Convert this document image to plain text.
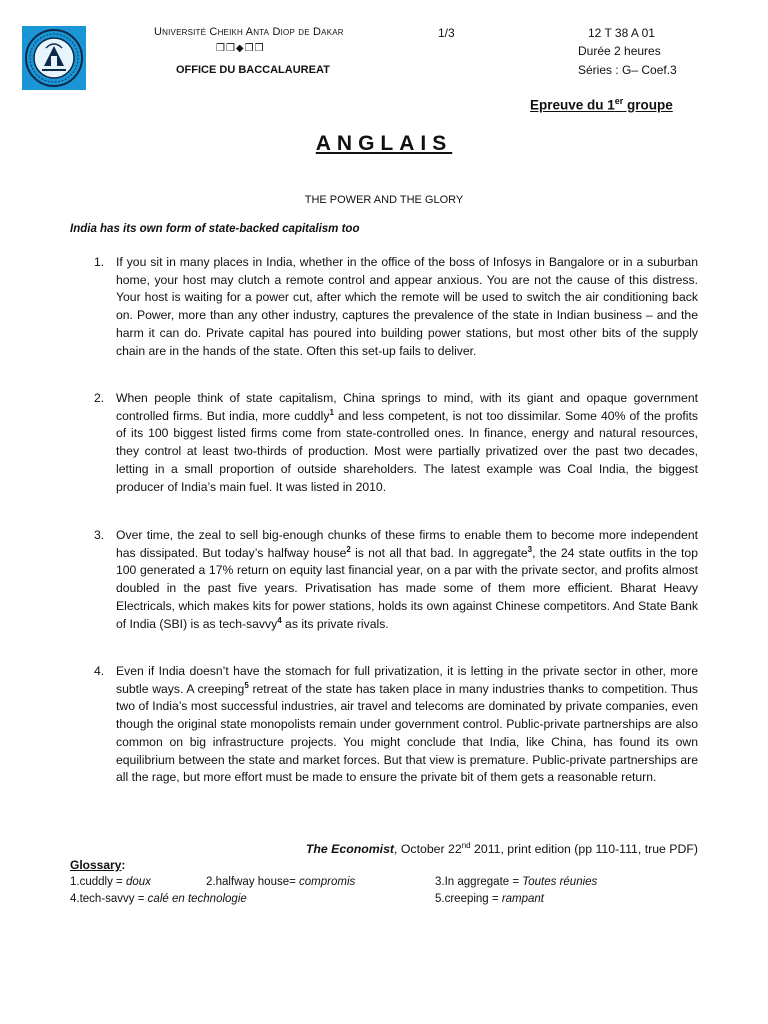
Université Cheikh Anta Diop de Dakar
❒❒◆❒❒
OFFICE DU BACCALAUREAT
1/3	12 T 38 A 01
Durée 2 heures
Séries : G– Coef.3
Epreuve du 1er groupe
ANGLAIS
THE POWER AND THE GLORY
India has its own form of state-backed capitalism too
1. If you sit in many places in India, whether in the office of the boss of Infosys in Bangalore or in a suburban home, your host may clutch a remote control and appear anxious. You are not the cause of this distress. Your host is waiting for a power cut, after which the remote will be used to switch the air conditioning back on. Power, more than any other industry, captures the prevalence of the state in Indian business – and the harm it can do. Private capital has poured into building power stations, but most other bits of the supply chain are in the hands of the state. Often this set-up fails to deliver.
2. When people think of state capitalism, China springs to mind, with its giant and opaque government controlled firms. But india, more cuddly$^1$ and less competent, is not too dissimilar. Some 40% of the profits of its 100 biggest listed firms come from state-controlled ones. In finance, energy and natural resources, they control at least two-thirds of production. Most were partially privatized over the past two decades, letting in a small proportion of outside shareholders. The latest example was Coal India, the biggest producer of India’s main fuel. It was listed in 2010.
3. Over time, the zeal to sell big-enough chunks of these firms to enable them to become more independent has dissipated. But today’s halfway house$^2$ is not all that bad. In aggregate$^3$, the 24 state outfits in the top 100 generated a 17% return on equity last financial year, on a par with the private sector, and profits almost doubled in the past five years. Privatisation has made some of them more efficient. Bharat Heavy Electricals, which makes kits for power stations, holds its own against Chinese competitors. And State Bank of India (SBI) is as tech-savvy$^4$ as its private rivals.
4. Even if India doesn’t have the stomach for full privatization, it is letting in the private sector in other, more subtle ways. A creeping$^5$ retreat of the state has taken place in many industries thanks to competition. Thus two of India’s most successful industries, air travel and telecoms are dominated by private companies, even though the original state monopolists remain under government control. Public-private partnerships are also common on big infrastructure projects. You might conclude that India, like China, has found its own equilibrium between the state and market forces. But that view is premature. Public-private partnerships are all the rage, but more effort must be made to ensure the private bit of them gets a reasonable return.
The Economist, October 22nd 2011, print edition (pp 110-111, true PDF)
Glossary:
1.cuddly = doux	2.halfway house= compromis	3.In aggregate = Toutes réunies
4.tech-savvy = calé en technologie	5.creeping = rampant
